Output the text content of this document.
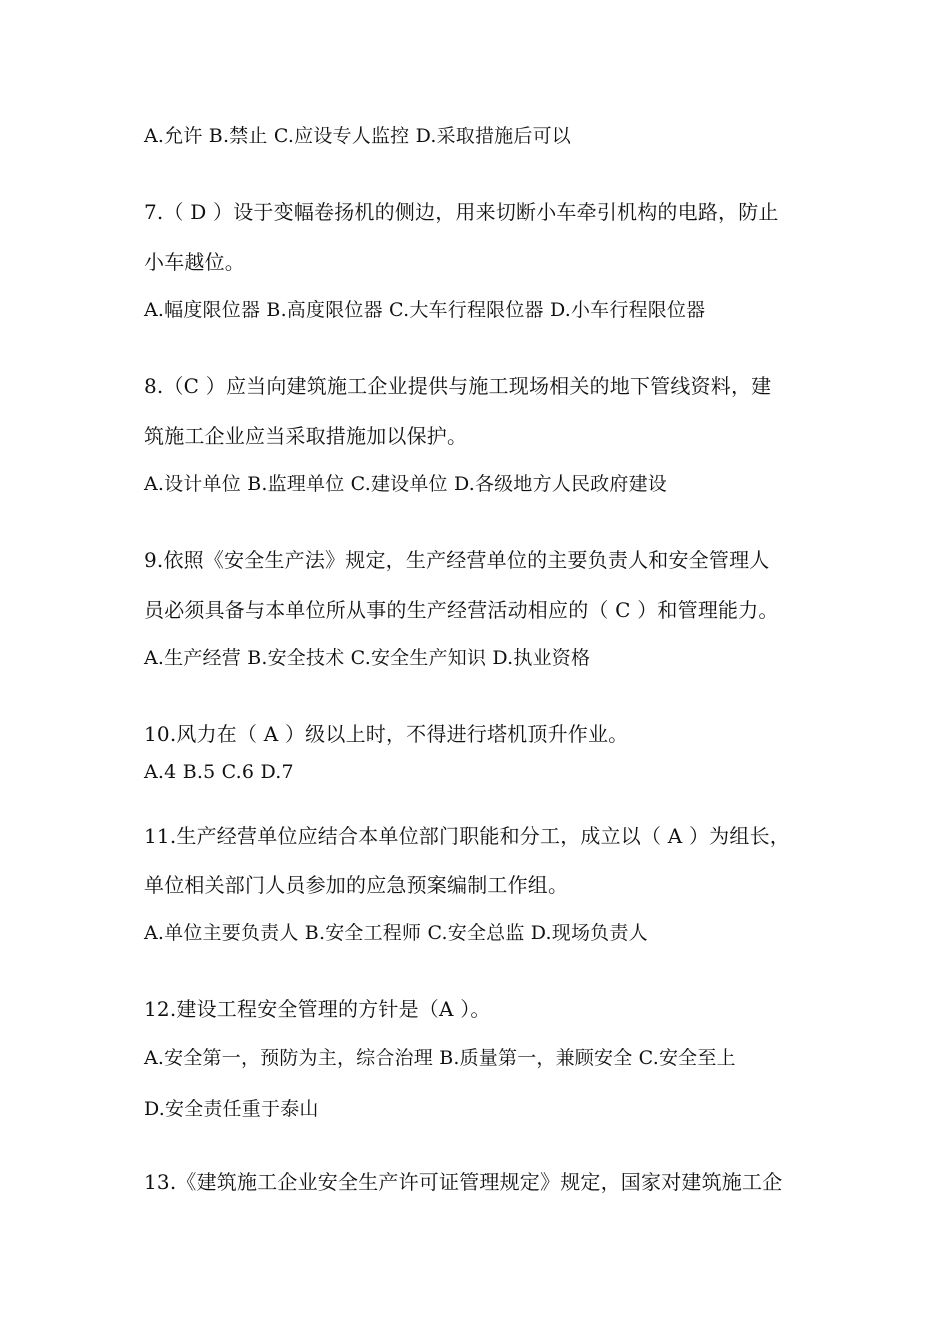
A.允许 B.禁止 C.应设专人监控 D.采取措施后可以
7.（ D ）设于变幅卷扬机的侧边，用来切断小车牵引机构的电路，防止
小车越位。
A.幅度限位器 B.高度限位器 C.大车行程限位器 D.小车行程限位器
8.（C ）应当向建筑施工企业提供与施工现场相关的地下管线资料，建
筑施工企业应当采取措施加以保护。
A.设计单位 B.监理单位 C.建设单位 D.各级地方人民政府建设
9.依照《安全生产法》规定，生产经营单位的主要负责人和安全管理人
员必须具备与本单位所从事的生产经营活动相应的（ C ）和管理能力。
A.生产经营 B.安全技术 C.安全生产知识 D.执业资格
10.风力在（ A ）级以上时，不得进行塔机顶升作业。
A.4 B.5 C.6 D.7
11.生产经营单位应结合本单位部门职能和分工，成立以（ A ）为组长，
单位相关部门人员参加的应急预案编制工作组。
A.单位主要负责人 B.安全工程师 C.安全总监 D.现场负责人
12.建设工程安全管理的方针是（A ）。
A.安全第一，预防为主，综合治理 B.质量第一，兼顾安全 C.安全至上
D.安全责任重于泰山
13.《建筑施工企业安全生产许可证管理规定》规定，国家对建筑施工企
